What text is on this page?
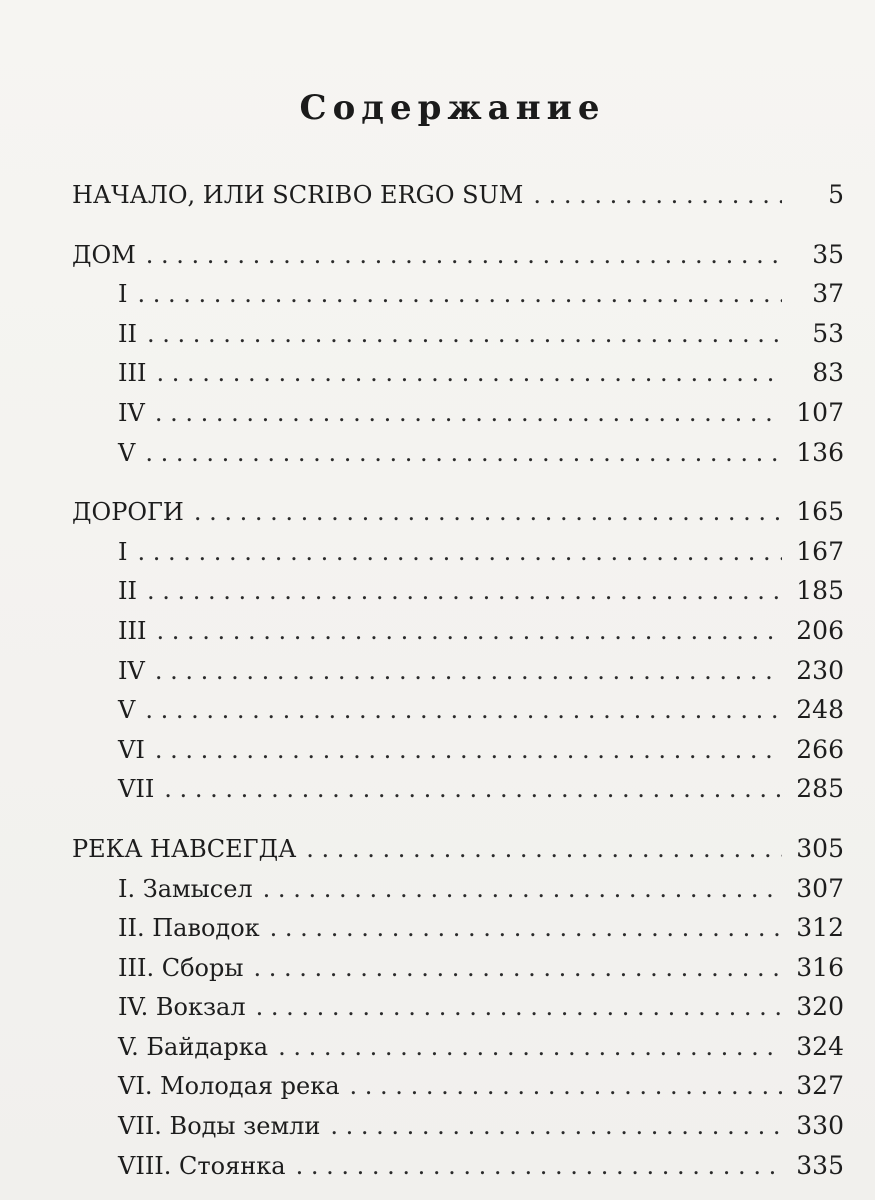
Содержание
НАЧАЛО, ИЛИ SCRIBO ERGO SUM . . .	5
ДОМ . . .	35
I . . .	37
II . . .	53
III . . .	83
IV . . .	107
V . . .	136
ДОРОГИ . . .	165
I . . .	167
II . . .	185
III . . .	206
IV . . .	230
V . . .	248
VI . . .	266
VII . . .	285
РЕКА НАВСЕГДА . . .	305
I. Замысел . . .	307
II. Паводок . . .	312
III. Сборы . . .	316
IV. Вокзал . . .	320
V. Байдарка . . .	324
VI. Молодая река . . .	327
VII. Воды земли . . .	330
VIII. Стоянка . . .	335
